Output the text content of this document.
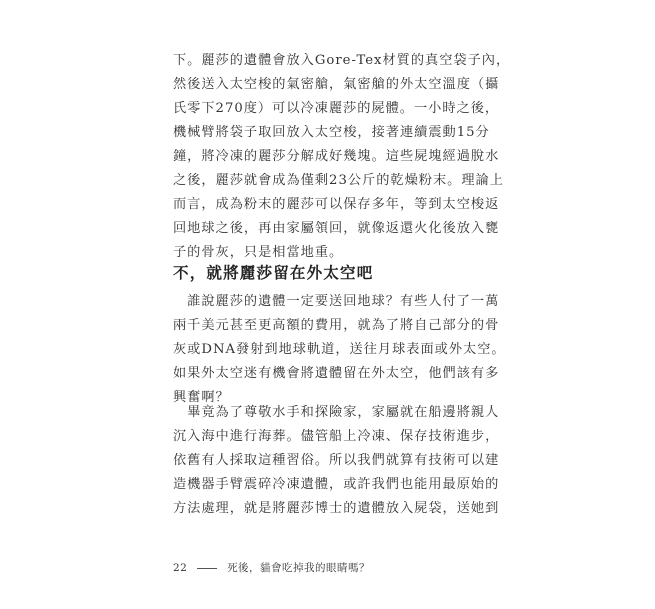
下。麗莎的遺體會放入Gore-Tex材質的真空袋子內，
然後送入太空梭的氣密艙，氣密艙的外太空溫度（攝
氏零下270度）可以冷凍麗莎的屍體。一小時之後，
機械臂將袋子取回放入太空梭，接著連續震動15分
鐘，將冷凍的麗莎分解成好幾塊。這些屍塊經過脫水
之後，麗莎就會成為僅剩23公斤的乾燥粉末。理論上
而言，成為粉末的麗莎可以保存多年，等到太空梭返
回地球之後，再由家屬領回，就像返還火化後放入甕
子的骨灰，只是相當地重。
不，就將麗莎留在外太空吧
　誰說麗莎的遺體一定要送回地球？有些人付了一萬
兩千美元甚至更高額的費用，就為了將自己部分的骨
灰或DNA發射到地球軌道，送往月球表面或外太空。
如果外太空迷有機會將遺體留在外太空，他們該有多
興奮啊？
　畢竟為了尊敬水手和探險家，家屬就在船邊將親人
沉入海中進行海葬。儘管船上冷凍、保存技術進步，
依舊有人採取這種習俗。所以我們就算有技術可以建
造機器手臂震碎冷凍遺體，或許我們也能用最原始的
方法處理，就是將麗莎博士的遺體放入屍袋，送她到
22	死後，貓會吃掉我的眼睛嗎？
